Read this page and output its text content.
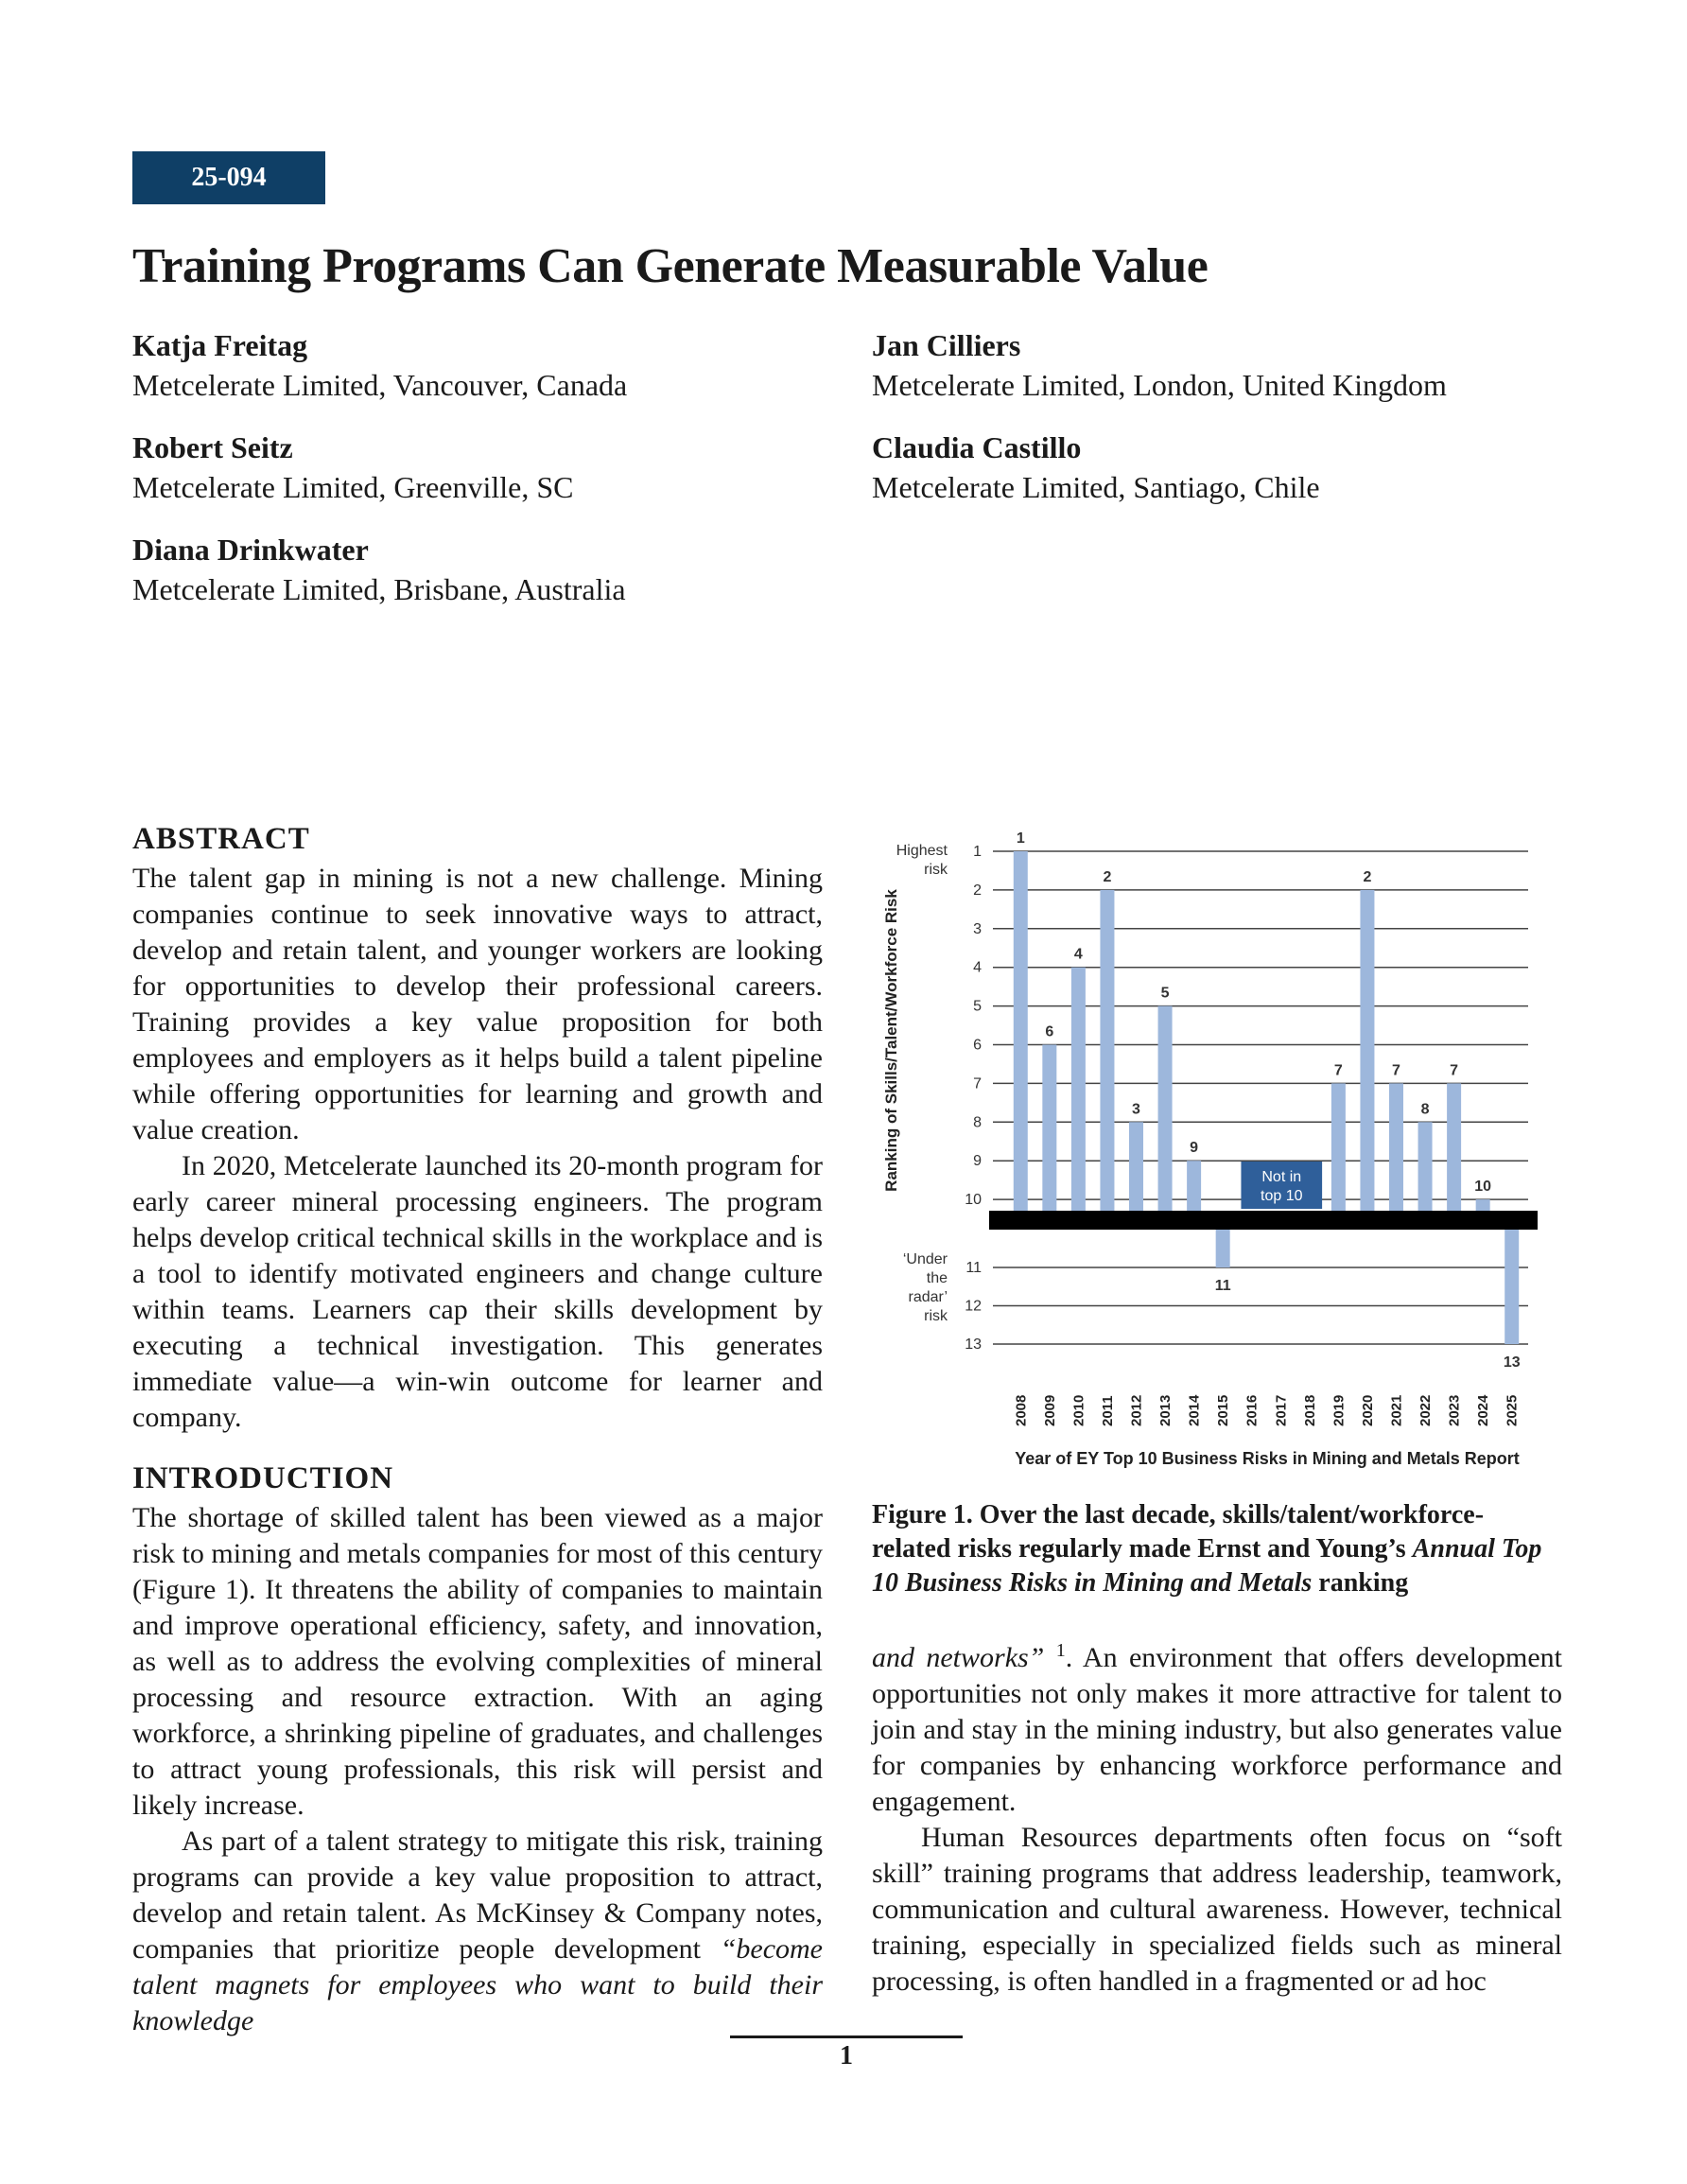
25-094
Training Programs Can Generate Measurable Value
Katja Freitag
Metcelerate Limited, Vancouver, Canada
Jan Cilliers
Metcelerate Limited, London, United Kingdom
Robert Seitz
Metcelerate Limited, Greenville, SC
Claudia Castillo
Metcelerate Limited, Santiago, Chile
Diana Drinkwater
Metcelerate Limited, Brisbane, Australia
ABSTRACT

The talent gap in mining is not a new challenge. Mining companies continue to seek innovative ways to attract, develop and retain talent, and younger workers are looking for opportunities to develop their professional careers. Training provides a key value proposition for both employees and employers as it helps build a talent pipeline while offering opportunities for learning and growth and value creation.

In 2020, Metcelerate launched its 20-month program for early career mineral processing engineers. The program helps develop critical technical skills in the workplace and is a tool to identify motivated engineers and change culture within teams. Learners cap their skills development by executing a technical investigation. This generates immediate value—a win-win outcome for learner and company.

INTRODUCTION

The shortage of skilled talent has been viewed as a major risk to mining and metals companies for most of this century (Figure 1). It threatens the ability of companies to maintain and improve operational efficiency, safety, and innovation, as well as to address the evolving complexities of mineral processing and resource extraction. With an aging workforce, a shrinking pipeline of graduates, and challenges to attract young professionals, this risk will persist and likely increase.

As part of a talent strategy to mitigate this risk, training programs can provide a key value proposition to attract, develop and retain talent. As McKinsey & Company notes, companies that prioritize people development “become talent magnets for employees who want to build their knowledge

1
2
3
4
5
6
7
8
9
10
11
12
13
1
2008
6
2009
4
2010
2
2011
3
2012
5
2013
9
2014
11
2015 2016 2017 2018
7
2019
2
2020
7
2021
8
2022
7
2023
10
2024
13
2025
Not in
top 10
Highest
risk
‘Under
the
radar’
risk
Ranking of Skills/Talent/Workforce Risk
Year of EY Top 10 Business Risks in Mining and Metals Report
Figure 1. Over the last decade, skills/talent/workforce-related risks regularly made Ernst and Young’s Annual Top 10 Business Risks in Mining and Metals ranking

and networks” $^1$. An environment that offers development opportunities not only makes it more attractive for talent to join and stay in the mining industry, but also generates value for companies by enhancing workforce performance and engagement.

Human Resources departments often focus on “soft skill” training programs that address leadership, teamwork, communication and cultural awareness. However, technical training, especially in specialized fields such as mineral processing, is often handled in a fragmented or ad hoc

1
